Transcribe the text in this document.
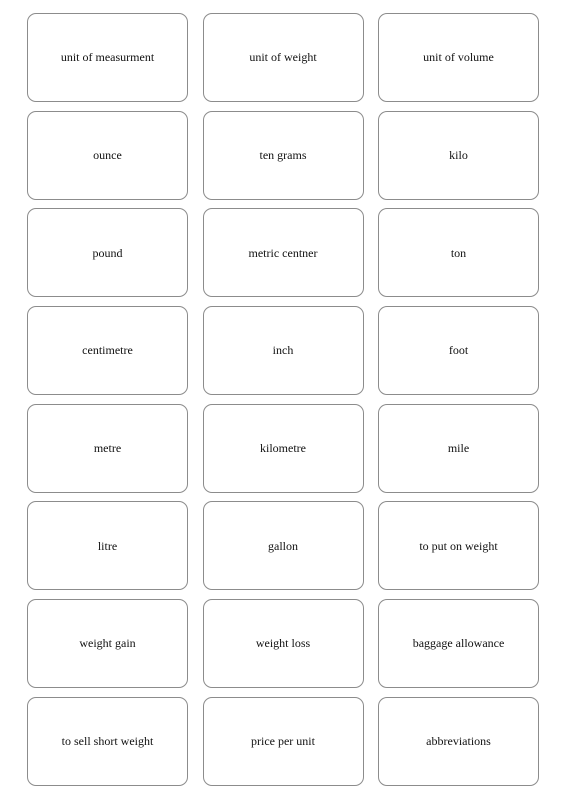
unit of measurment	unit of weight	unit of volume
ounce	ten grams	kilo
pound	metric centner	ton
centimetre	inch	foot
metre	kilometre	mile
litre	gallon	to put on weight
weight gain	weight loss	baggage allowance
to sell short weight	price per unit	abbreviations
